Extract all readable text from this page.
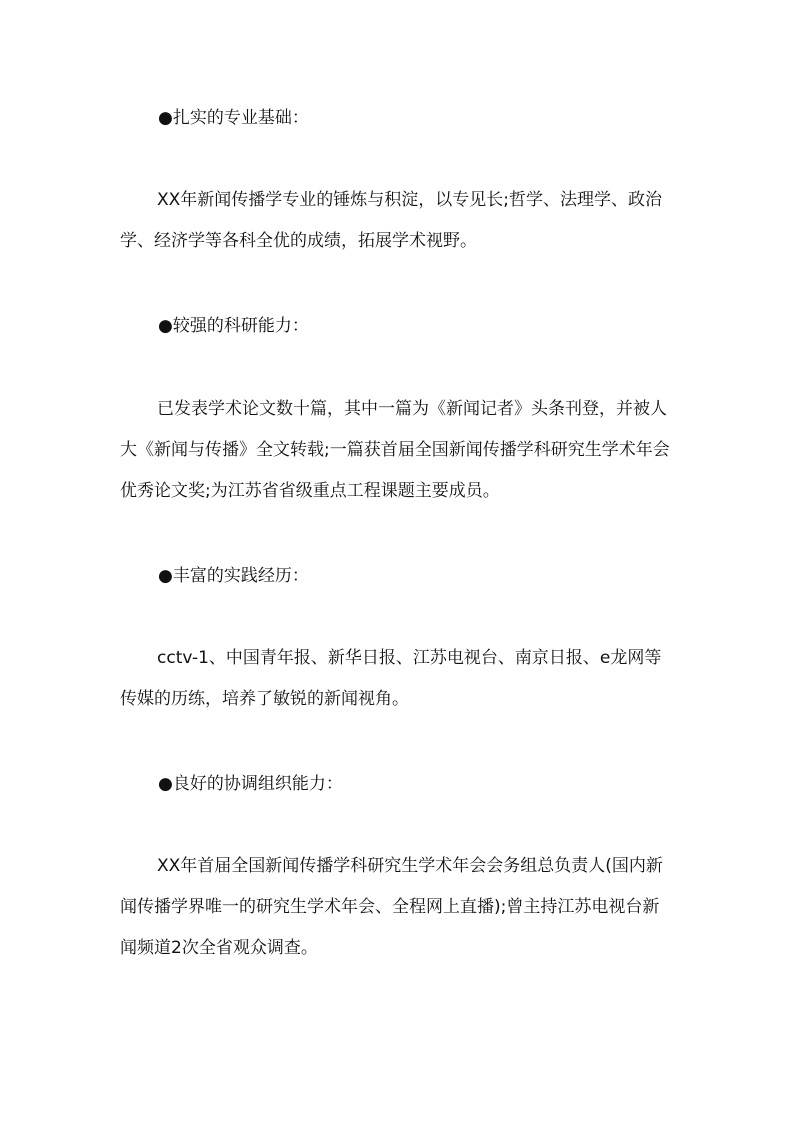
●扎实的专业基础：

XX年新闻传播学专业的锤炼与积淀，以专见长;哲学、法理学、政治学、经济学等各科全优的成绩，拓展学术视野。

●较强的科研能力：

已发表学术论文数十篇，其中一篇为《新闻记者》头条刊登，并被人大《新闻与传播》全文转载;一篇获首届全国新闻传播学科研究生学术年会优秀论文奖;为江苏省省级重点工程课题主要成员。

●丰富的实践经历：

cctv-1、中国青年报、新华日报、江苏电视台、南京日报、e龙网等传媒的历练，培养了敏锐的新闻视角。

●良好的协调组织能力：

XX年首届全国新闻传播学科研究生学术年会会务组总负责人(国内新闻传播学界唯一的研究生学术年会、全程网上直播);曾主持江苏电视台新闻频道2次全省观众调查。
